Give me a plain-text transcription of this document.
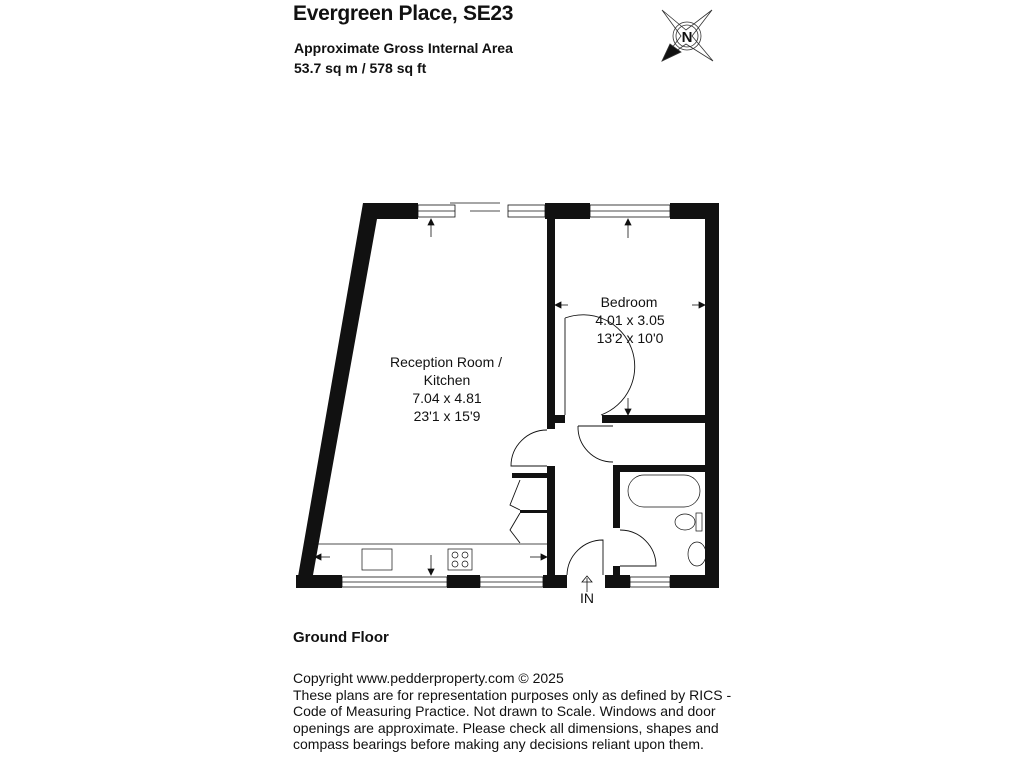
Evergreen Place, SE23
Approximate Gross Internal Area
53.7 sq m / 578 sq ft
N
Reception Room /
Kitchen
7.04 x 4.81
23'1 x 15'9
Bedroom
4.01 x 3.05
13'2 x 10'0
IN
Ground Floor
Copyright www.pedderproperty.com © 2025
These plans are for representation purposes only as defined by RICS -
Code of Measuring Practice. Not drawn to Scale. Windows and door
openings are approximate. Please check all dimensions, shapes and
compass bearings before making any decisions reliant upon them.
